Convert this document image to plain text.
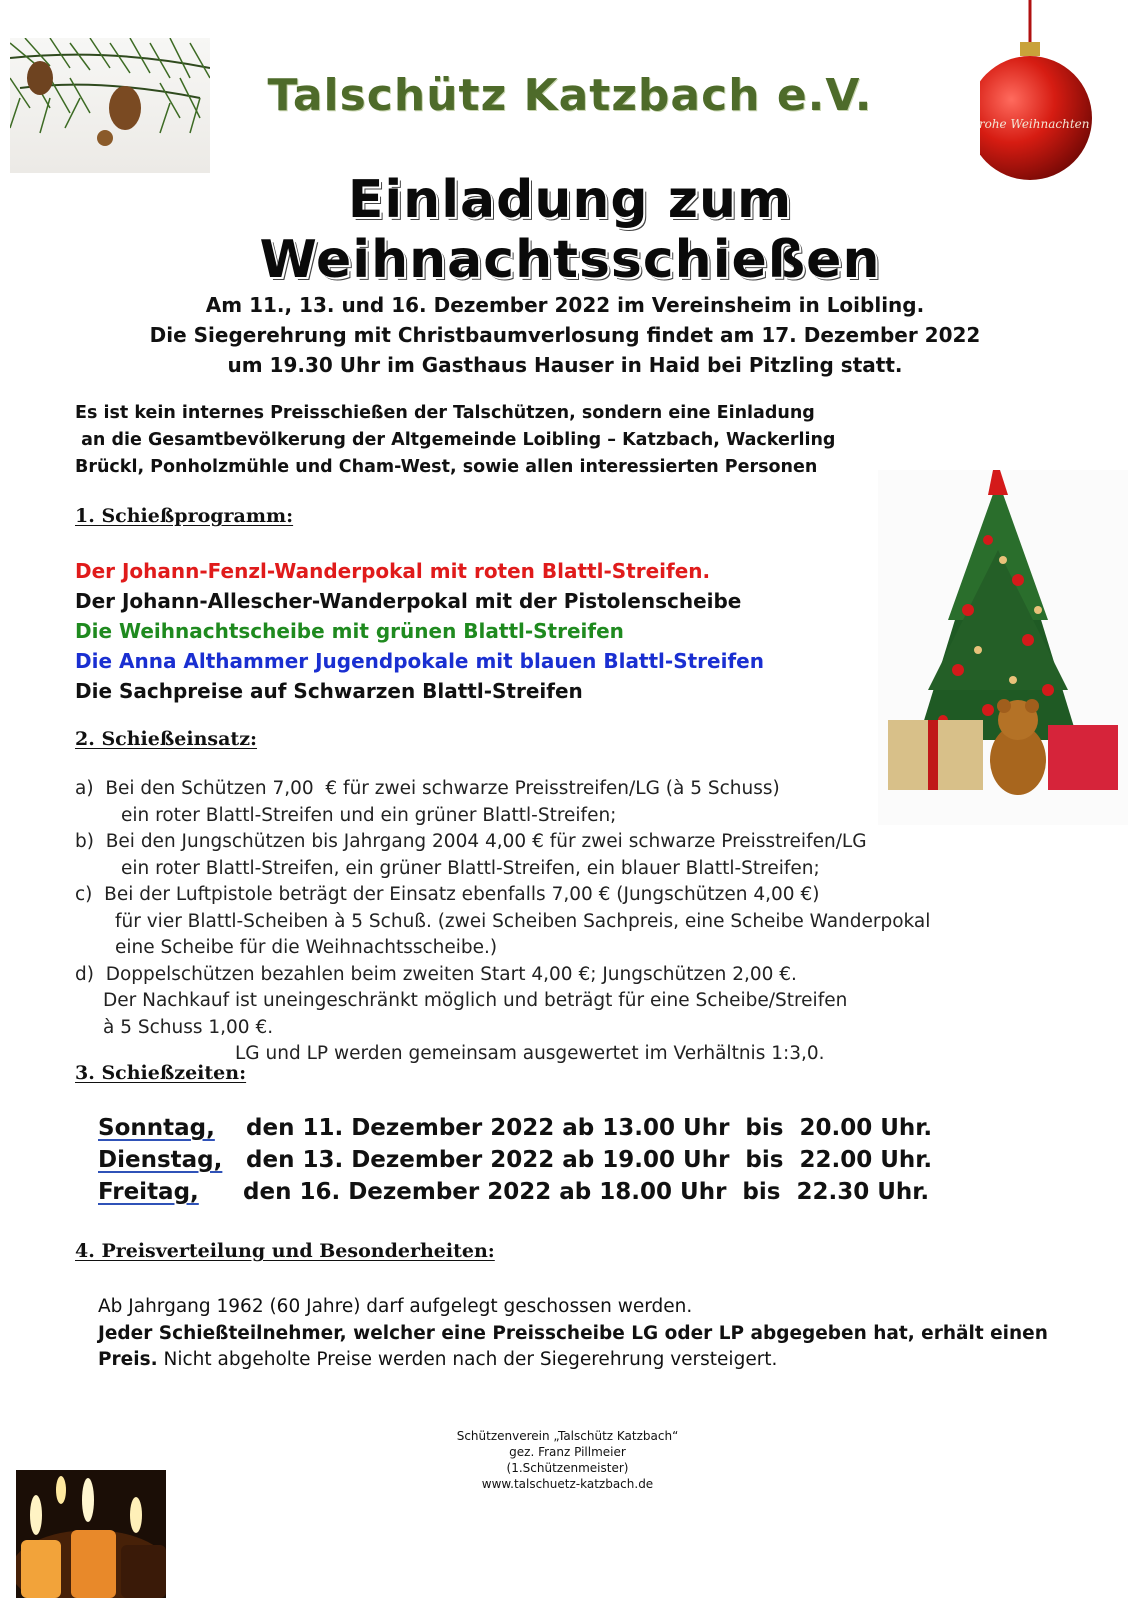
Frohe Weihnachten
Talschütz Katzbach e.V.
Einladung zum Weihnachtsschießen
Am 11., 13. und 16. Dezember 2022 im Vereinsheim in Loibling.
Die Siegerehrung mit Christbaumverlosung findet am 17. Dezember 2022
um 19.30 Uhr im Gasthaus Hauser in Haid bei Pitzling statt.
Es ist kein internes Preisschießen der Talschützen, sondern eine Einladung
an die Gesamtbevölkerung der Altgemeinde Loibling – Katzbach, Wackerling
Brückl, Ponholzmühle und Cham-West, sowie allen interessierten Personen
1. Schießprogramm:
Der Johann-Fenzl-Wanderpokal mit roten Blattl-Streifen.
Der Johann-Allescher-Wanderpokal mit der Pistolenscheibe
Die Weihnachtscheibe mit grünen Blattl-Streifen
Die Anna Althammer Jugendpokale mit blauen Blattl-Streifen
Die Sachpreise auf Schwarzen Blattl-Streifen
2. Schießeinsatz:
a)  Bei den Schützen 7,00  € für zwei schwarze Preisstreifen/LG (à 5 Schuss)
ein roter Blattl-Streifen und ein grüner Blattl-Streifen;
b)  Bei den Jungschützen bis Jahrgang 2004 4,00 € für zwei schwarze Preisstreifen/LG
ein roter Blattl-Streifen, ein grüner Blattl-Streifen, ein blauer Blattl-Streifen;
c)  Bei der Luftpistole beträgt der Einsatz ebenfalls 7,00 € (Jungschützen 4,00 €)
für vier Blattl-Scheiben à 5 Schuß. (zwei Scheiben Sachpreis, eine Scheibe Wanderpokal
eine Scheibe für die Weihnachtsscheibe.)
d)  Doppelschützen bezahlen beim zweiten Start 4,00 €; Jungschützen 2,00 €.
Der Nachkauf ist uneingeschränkt möglich und beträgt für eine Scheibe/Streifen
à 5 Schuss 1,00 €.
LG und LP werden gemeinsam ausgewertet im Verhältnis 1:3,0.
3. Schießzeiten:
Sonntag, den 11. Dezember 2022 ab 13.00 Uhr  bis  20.00 Uhr.
Dienstag, den 13. Dezember 2022 ab 19.00 Uhr  bis  22.00 Uhr.
Freitag, den 16. Dezember 2022 ab 18.00 Uhr  bis  22.30 Uhr.
4. Preisverteilung und Besonderheiten:
Ab Jahrgang 1962 (60 Jahre) darf aufgelegt geschossen werden.
Jeder Schießteilnehmer, welcher eine Preisscheibe LG oder LP abgegeben hat, erhält einen
Preis. Nicht abgeholte Preise werden nach der Siegerehrung versteigert.
Schützenverein „Talschütz Katzbach“
gez. Franz Pillmeier
(1.Schützenmeister)
www.talschuetz-katzbach.de
